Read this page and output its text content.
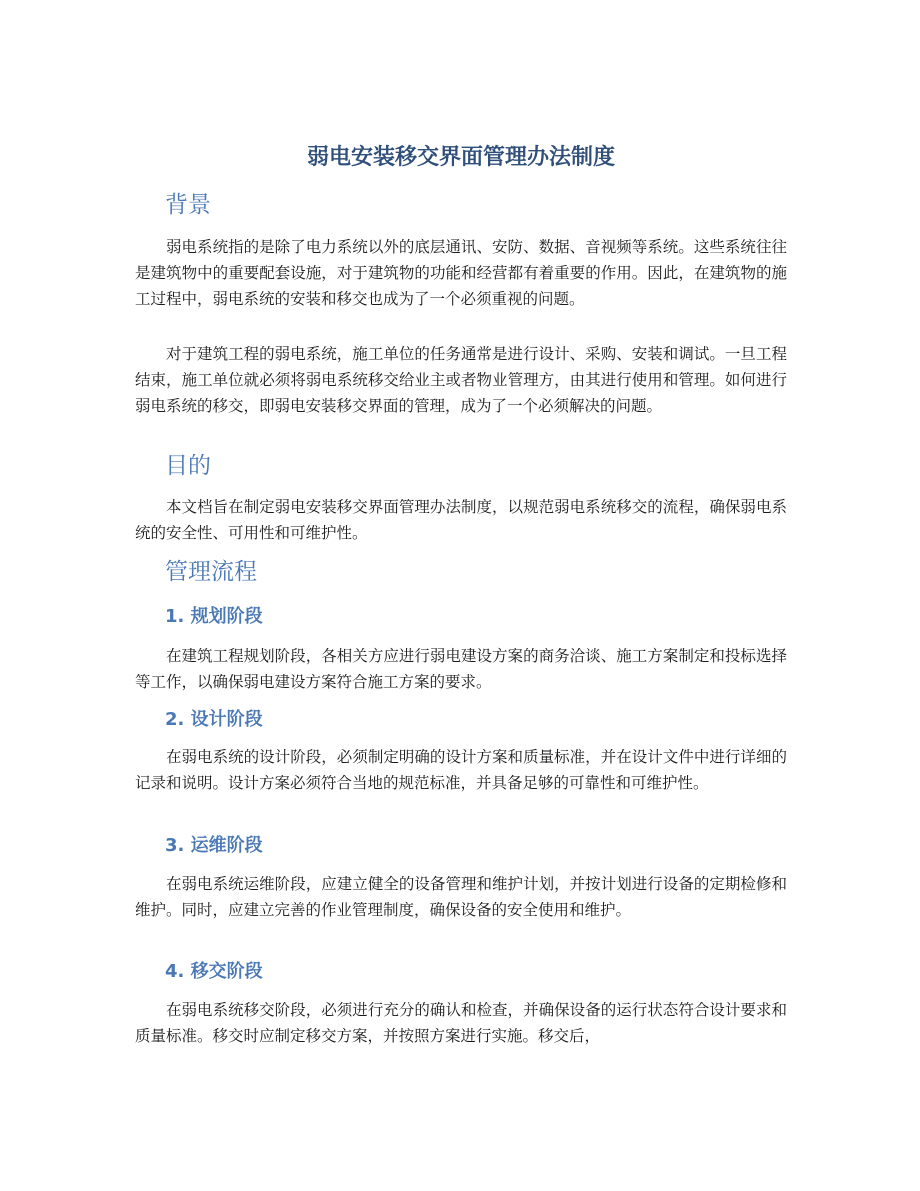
弱电安装移交界面管理办法制度
背景

弱电系统指的是除了电力系统以外的底层通讯、安防、数据、音视频等系统。这些系统往往是建筑物中的重要配套设施，对于建筑物的功能和经营都有着重要的作用。因此，在建筑物的施工过程中，弱电系统的安装和移交也成为了一个必须重视的问题。

对于建筑工程的弱电系统，施工单位的任务通常是进行设计、采购、安装和调试。一旦工程结束，施工单位就必须将弱电系统移交给业主或者物业管理方，由其进行使用和管理。如何进行弱电系统的移交，即弱电安装移交界面的管理，成为了一个必须解决的问题。

目的

本文档旨在制定弱电安装移交界面管理办法制度，以规范弱电系统移交的流程，确保弱电系统的安全性、可用性和可维护性。

管理流程
1. 规划阶段

在建筑工程规划阶段，各相关方应进行弱电建设方案的商务洽谈、施工方案制定和投标选择等工作，以确保弱电建设方案符合施工方案的要求。

2. 设计阶段

在弱电系统的设计阶段，必须制定明确的设计方案和质量标准，并在设计文件中进行详细的记录和说明。设计方案必须符合当地的规范标准，并具备足够的可靠性和可维护性。

3. 运维阶段

在弱电系统运维阶段，应建立健全的设备管理和维护计划，并按计划进行设备的定期检修和维护。同时，应建立完善的作业管理制度，确保设备的安全使用和维护。

4. 移交阶段

在弱电系统移交阶段，必须进行充分的确认和检查，并确保设备的运行状态符合设计要求和质量标准。移交时应制定移交方案，并按照方案进行实施。移交后，
